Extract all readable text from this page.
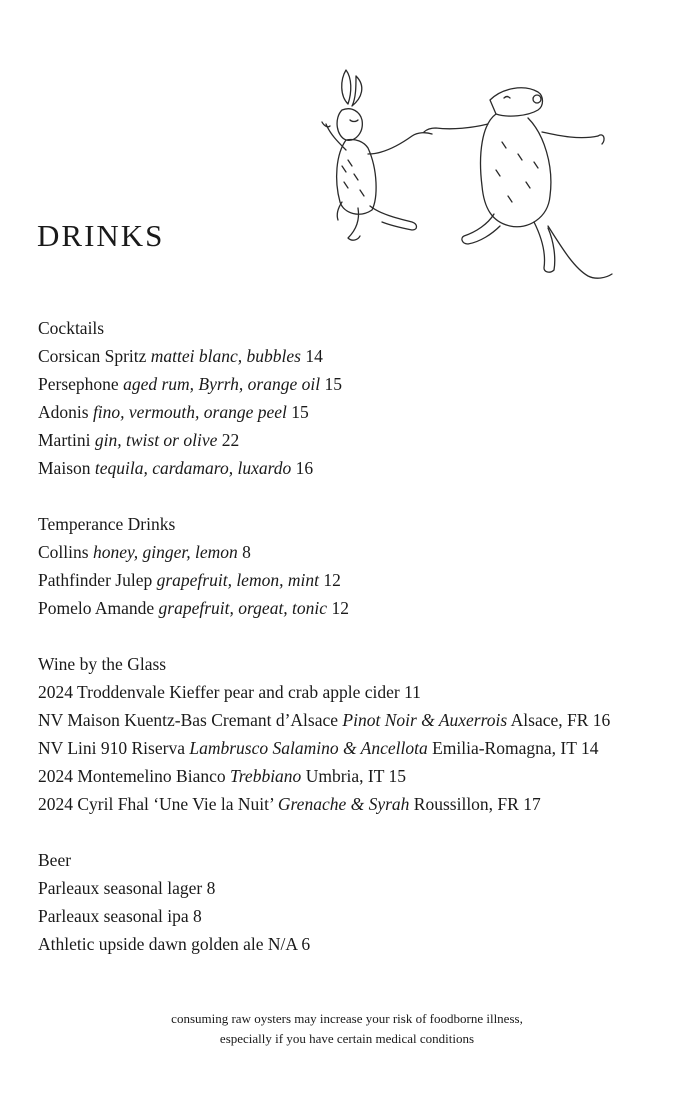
DRINKS
Cocktails
Corsican Spritz mattei blanc, bubbles 14
Persephone aged rum, Byrrh, orange oil 15
Adonis fino, vermouth, orange peel 15
Martini gin, twist or olive 22
Maison tequila, cardamaro, luxardo 16
Temperance Drinks
Collins honey, ginger, lemon 8
Pathfinder Julep grapefruit, lemon, mint 12
Pomelo Amande grapefruit, orgeat, tonic 12
Wine by the Glass
2024 Troddenvale Kieffer pear and crab apple cider 11
NV Maison Kuentz-Bas Cremant d’Alsace Pinot Noir & Auxerrois Alsace, FR 16
NV Lini 910 Riserva Lambrusco Salamino & Ancellota Emilia-Romagna, IT 14
2024 Montemelino Bianco Trebbiano Umbria, IT 15
2024 Cyril Fhal ‘Une Vie la Nuit’ Grenache & Syrah Roussillon, FR 17
Beer
Parleaux seasonal lager 8
Parleaux seasonal ipa 8
Athletic upside dawn golden ale N/A 6
consuming raw oysters may increase your risk of foodborne illness,
especially if you have certain medical conditions
